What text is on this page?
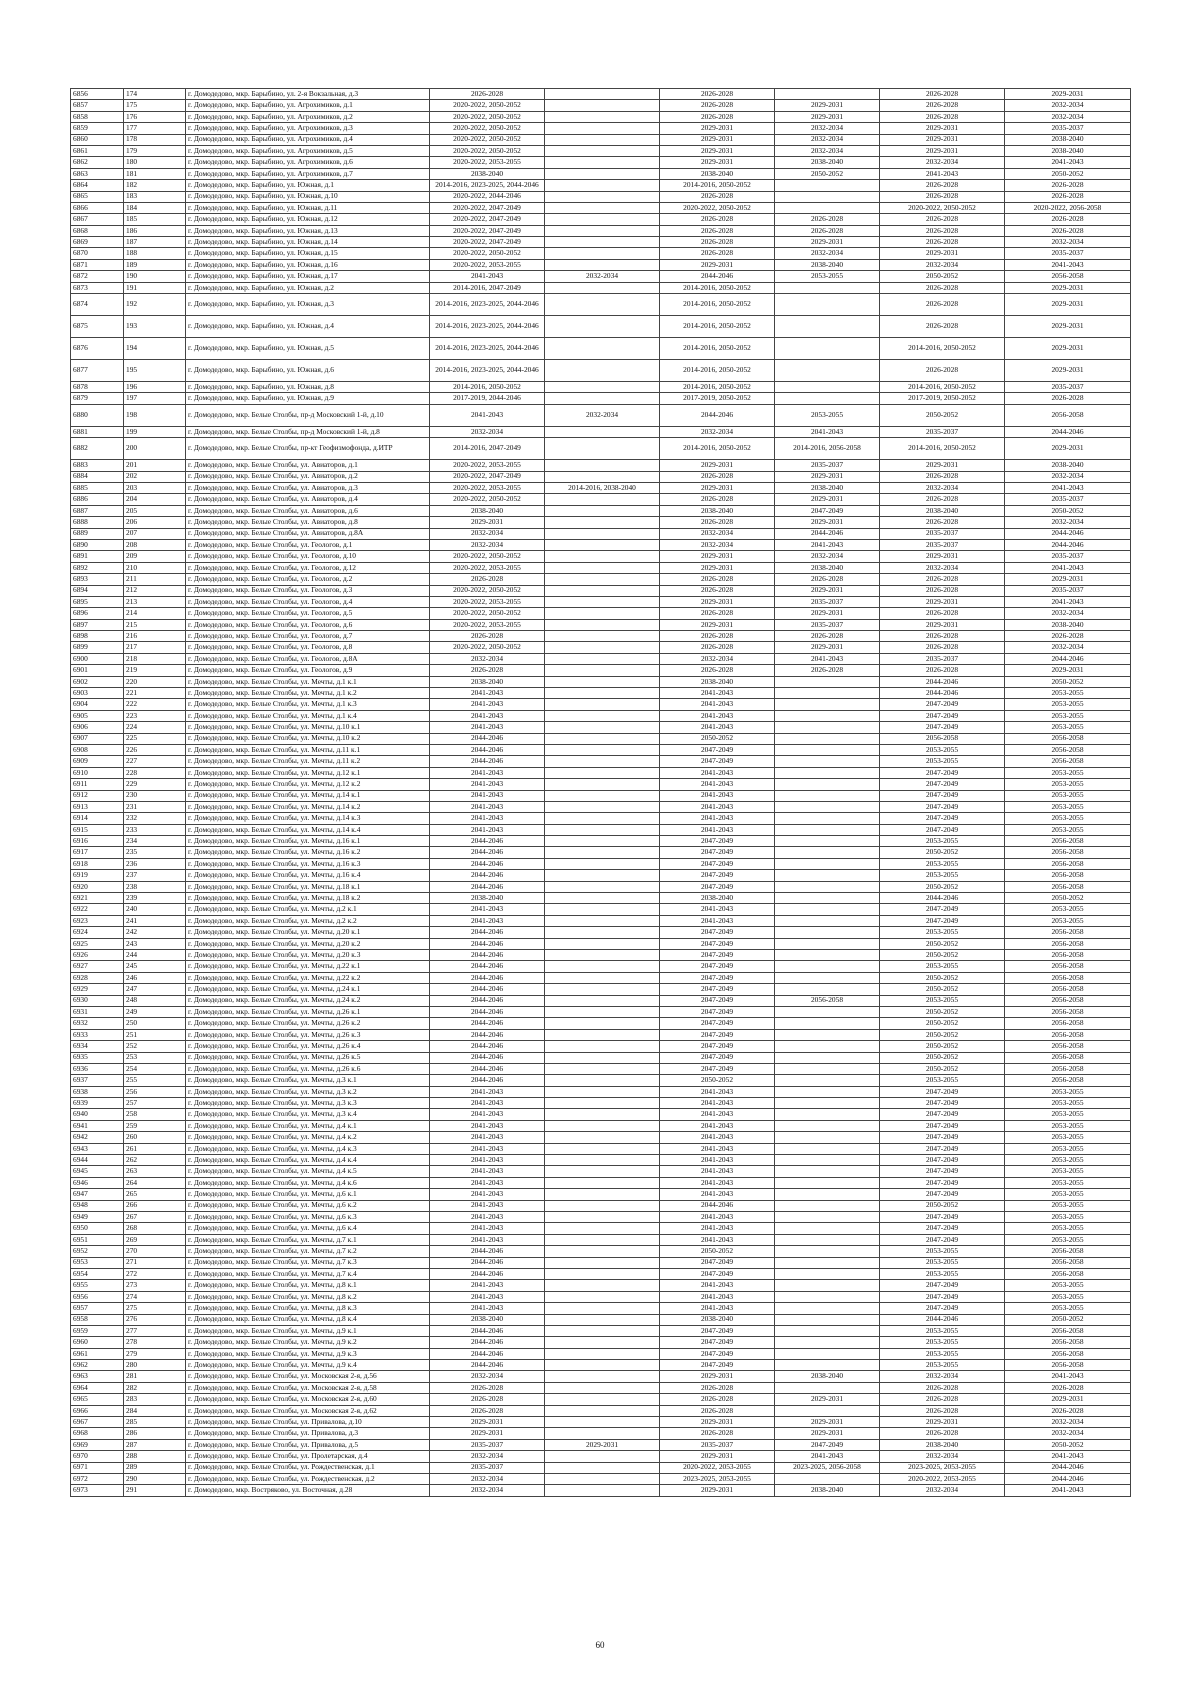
6856	174	г. Домодедово, мкр. Барыбино, ул. 2-я Вокзальная, д.3	2026-2028		2026-2028		2026-2028	2029-2031
6857	175	г. Домодедово, мкр. Барыбино, ул. Агрохимиков, д.1	2020-2022, 2050-2052		2026-2028	2029-2031	2026-2028	2032-2034
6858	176	г. Домодедово, мкр. Барыбино, ул. Агрохимиков, д.2	2020-2022, 2050-2052		2026-2028	2029-2031	2026-2028	2032-2034
6859	177	г. Домодедово, мкр. Барыбино, ул. Агрохимиков, д.3	2020-2022, 2050-2052		2029-2031	2032-2034	2029-2031	2035-2037
6860	178	г. Домодедово, мкр. Барыбино, ул. Агрохимиков, д.4	2020-2022, 2050-2052		2029-2031	2032-2034	2029-2031	2038-2040
6861	179	г. Домодедово, мкр. Барыбино, ул. Агрохимиков, д.5	2020-2022, 2050-2052		2029-2031	2032-2034	2029-2031	2038-2040
6862	180	г. Домодедово, мкр. Барыбино, ул. Агрохимиков, д.6	2020-2022, 2053-2055		2029-2031	2038-2040	2032-2034	2041-2043
6863	181	г. Домодедово, мкр. Барыбино, ул. Агрохимиков, д.7	2038-2040		2038-2040	2050-2052	2041-2043	2050-2052
6864	182	г. Домодедово, мкр. Барыбино, ул. Южная, д.1	2014-2016, 2023-2025, 2044-2046		2014-2016, 2050-2052		2026-2028	2026-2028
6865	183	г. Домодедово, мкр. Барыбино, ул. Южная, д.10	2020-2022, 2044-2046		2026-2028		2026-2028	2026-2028
6866	184	г. Домодедово, мкр. Барыбино, ул. Южная, д.11	2020-2022, 2047-2049		2020-2022, 2050-2052		2020-2022, 2050-2052	2020-2022, 2056-2058
6867	185	г. Домодедово, мкр. Барыбино, ул. Южная, д.12	2020-2022, 2047-2049		2026-2028	2026-2028	2026-2028	2026-2028
6868	186	г. Домодедово, мкр. Барыбино, ул. Южная, д.13	2020-2022, 2047-2049		2026-2028	2026-2028	2026-2028	2026-2028
6869	187	г. Домодедово, мкр. Барыбино, ул. Южная, д.14	2020-2022, 2047-2049		2026-2028	2029-2031	2026-2028	2032-2034
6870	188	г. Домодедово, мкр. Барыбино, ул. Южная, д.15	2020-2022, 2050-2052		2026-2028	2032-2034	2029-2031	2035-2037
6871	189	г. Домодедово, мкр. Барыбино, ул. Южная, д.16	2020-2022, 2053-2055		2029-2031	2038-2040	2032-2034	2041-2043
6872	190	г. Домодедово, мкр. Барыбино, ул. Южная, д.17	2041-2043	2032-2034	2044-2046	2053-2055	2050-2052	2056-2058
6873	191	г. Домодедово, мкр. Барыбино, ул. Южная, д.2	2014-2016, 2047-2049		2014-2016, 2050-2052		2026-2028	2029-2031
6874	192	г. Домодедово, мкр. Барыбино, ул. Южная, д.3	2014-2016, 2023-2025, 2044-2046		2014-2016, 2050-2052		2026-2028	2029-2031
6875	193	г. Домодедово, мкр. Барыбино, ул. Южная, д.4	2014-2016, 2023-2025, 2044-2046		2014-2016, 2050-2052		2026-2028	2029-2031
6876	194	г. Домодедово, мкр. Барыбино, ул. Южная, д.5	2014-2016, 2023-2025, 2044-2046		2014-2016, 2050-2052		2014-2016, 2050-2052	2029-2031
6877	195	г. Домодедово, мкр. Барыбино, ул. Южная, д.6	2014-2016, 2023-2025, 2044-2046		2014-2016, 2050-2052		2026-2028	2029-2031
6878	196	г. Домодедово, мкр. Барыбино, ул. Южная, д.8	2014-2016, 2050-2052		2014-2016, 2050-2052		2014-2016, 2050-2052	2035-2037
6879	197	г. Домодедово, мкр. Барыбино, ул. Южная, д.9	2017-2019, 2044-2046		2017-2019, 2050-2052		2017-2019, 2050-2052	2026-2028
6880	198	г. Домодедово, мкр. Белые Столбы, пр-д Московский 1-й, д.10	2041-2043	2032-2034	2044-2046	2053-2055	2050-2052	2056-2058
6881	199	г. Домодедово, мкр. Белые Столбы, пр-д Московский 1-й, д.8	2032-2034		2032-2034	2041-2043	2035-2037	2044-2046
6882	200	г. Домодедово, мкр. Белые Столбы, пр-кт Геофизмофонда, д.ИТР	2014-2016, 2047-2049		2014-2016, 2050-2052	2014-2016, 2056-2058	2014-2016, 2050-2052	2029-2031
6883	201	г. Домодедово, мкр. Белые Столбы, ул. Авиаторов, д.1	2020-2022, 2053-2055		2029-2031	2035-2037	2029-2031	2038-2040
6884	202	г. Домодедово, мкр. Белые Столбы, ул. Авиаторов, д.2	2020-2022, 2047-2049		2026-2028	2029-2031	2026-2028	2032-2034
6885	203	г. Домодедово, мкр. Белые Столбы, ул. Авиаторов, д.3	2020-2022, 2053-2055	2014-2016, 2038-2040	2029-2031	2038-2040	2032-2034	2041-2043
6886	204	г. Домодедово, мкр. Белые Столбы, ул. Авиаторов, д.4	2020-2022, 2050-2052		2026-2028	2029-2031	2026-2028	2035-2037
6887	205	г. Домодедово, мкр. Белые Столбы, ул. Авиаторов, д.6	2038-2040		2038-2040	2047-2049	2038-2040	2050-2052
6888	206	г. Домодедово, мкр. Белые Столбы, ул. Авиаторов, д.8	2029-2031		2026-2028	2029-2031	2026-2028	2032-2034
6889	207	г. Домодедово, мкр. Белые Столбы, ул. Авиаторов, д.8А	2032-2034		2032-2034	2044-2046	2035-2037	2044-2046
6890	208	г. Домодедово, мкр. Белые Столбы, ул. Геологов, д.1	2032-2034		2032-2034	2041-2043	2035-2037	2044-2046
6891	209	г. Домодедово, мкр. Белые Столбы, ул. Геологов, д.10	2020-2022, 2050-2052		2029-2031	2032-2034	2029-2031	2035-2037
6892	210	г. Домодедово, мкр. Белые Столбы, ул. Геологов, д.12	2020-2022, 2053-2055		2029-2031	2038-2040	2032-2034	2041-2043
6893	211	г. Домодедово, мкр. Белые Столбы, ул. Геологов, д.2	2026-2028		2026-2028	2026-2028	2026-2028	2029-2031
6894	212	г. Домодедово, мкр. Белые Столбы, ул. Геологов, д.3	2020-2022, 2050-2052		2026-2028	2029-2031	2026-2028	2035-2037
6895	213	г. Домодедово, мкр. Белые Столбы, ул. Геологов, д.4	2020-2022, 2053-2055		2029-2031	2035-2037	2029-2031	2041-2043
6896	214	г. Домодедово, мкр. Белые Столбы, ул. Геологов, д.5	2020-2022, 2050-2052		2026-2028	2029-2031	2026-2028	2032-2034
6897	215	г. Домодедово, мкр. Белые Столбы, ул. Геологов, д.6	2020-2022, 2053-2055		2029-2031	2035-2037	2029-2031	2038-2040
6898	216	г. Домодедово, мкр. Белые Столбы, ул. Геологов, д.7	2026-2028		2026-2028	2026-2028	2026-2028	2026-2028
6899	217	г. Домодедово, мкр. Белые Столбы, ул. Геологов, д.8	2020-2022, 2050-2052		2026-2028	2029-2031	2026-2028	2032-2034
6900	218	г. Домодедово, мкр. Белые Столбы, ул. Геологов, д.8А	2032-2034		2032-2034	2041-2043	2035-2037	2044-2046
6901	219	г. Домодедово, мкр. Белые Столбы, ул. Геологов, д.9	2026-2028		2026-2028	2026-2028	2026-2028	2029-2031
6902	220	г. Домодедово, мкр. Белые Столбы, ул. Мечты, д.1 к.1	2038-2040		2038-2040		2044-2046	2050-2052
6903	221	г. Домодедово, мкр. Белые Столбы, ул. Мечты, д.1 к.2	2041-2043		2041-2043		2044-2046	2053-2055
6904	222	г. Домодедово, мкр. Белые Столбы, ул. Мечты, д.1 к.3	2041-2043		2041-2043		2047-2049	2053-2055
6905	223	г. Домодедово, мкр. Белые Столбы, ул. Мечты, д.1 к.4	2041-2043		2041-2043		2047-2049	2053-2055
6906	224	г. Домодедово, мкр. Белые Столбы, ул. Мечты, д.10 к.1	2041-2043		2041-2043		2047-2049	2053-2055
6907	225	г. Домодедово, мкр. Белые Столбы, ул. Мечты, д.10 к.2	2044-2046		2050-2052		2056-2058	2056-2058
6908	226	г. Домодедово, мкр. Белые Столбы, ул. Мечты, д.11 к.1	2044-2046		2047-2049		2053-2055	2056-2058
6909	227	г. Домодедово, мкр. Белые Столбы, ул. Мечты, д.11 к.2	2044-2046		2047-2049		2053-2055	2056-2058
6910	228	г. Домодедово, мкр. Белые Столбы, ул. Мечты, д.12 к.1	2041-2043		2041-2043		2047-2049	2053-2055
6911	229	г. Домодедово, мкр. Белые Столбы, ул. Мечты, д.12 к.2	2041-2043		2041-2043		2047-2049	2053-2055
6912	230	г. Домодедово, мкр. Белые Столбы, ул. Мечты, д.14 к.1	2041-2043		2041-2043		2047-2049	2053-2055
6913	231	г. Домодедово, мкр. Белые Столбы, ул. Мечты, д.14 к.2	2041-2043		2041-2043		2047-2049	2053-2055
6914	232	г. Домодедово, мкр. Белые Столбы, ул. Мечты, д.14 к.3	2041-2043		2041-2043		2047-2049	2053-2055
6915	233	г. Домодедово, мкр. Белые Столбы, ул. Мечты, д.14 к.4	2041-2043		2041-2043		2047-2049	2053-2055
6916	234	г. Домодедово, мкр. Белые Столбы, ул. Мечты, д.16 к.1	2044-2046		2047-2049		2053-2055	2056-2058
6917	235	г. Домодедово, мкр. Белые Столбы, ул. Мечты, д.16 к.2	2044-2046		2047-2049		2050-2052	2056-2058
6918	236	г. Домодедово, мкр. Белые Столбы, ул. Мечты, д.16 к.3	2044-2046		2047-2049		2053-2055	2056-2058
6919	237	г. Домодедово, мкр. Белые Столбы, ул. Мечты, д.16 к.4	2044-2046		2047-2049		2053-2055	2056-2058
6920	238	г. Домодедово, мкр. Белые Столбы, ул. Мечты, д.18 к.1	2044-2046		2047-2049		2050-2052	2056-2058
6921	239	г. Домодедово, мкр. Белые Столбы, ул. Мечты, д.18 к.2	2038-2040		2038-2040		2044-2046	2050-2052
6922	240	г. Домодедово, мкр. Белые Столбы, ул. Мечты, д.2 к.1	2041-2043		2041-2043		2047-2049	2053-2055
6923	241	г. Домодедово, мкр. Белые Столбы, ул. Мечты, д.2 к.2	2041-2043		2041-2043		2047-2049	2053-2055
6924	242	г. Домодедово, мкр. Белые Столбы, ул. Мечты, д.20 к.1	2044-2046		2047-2049		2053-2055	2056-2058
6925	243	г. Домодедово, мкр. Белые Столбы, ул. Мечты, д.20 к.2	2044-2046		2047-2049		2050-2052	2056-2058
6926	244	г. Домодедово, мкр. Белые Столбы, ул. Мечты, д.20 к.3	2044-2046		2047-2049		2050-2052	2056-2058
6927	245	г. Домодедово, мкр. Белые Столбы, ул. Мечты, д.22 к.1	2044-2046		2047-2049		2053-2055	2056-2058
6928	246	г. Домодедово, мкр. Белые Столбы, ул. Мечты, д.22 к.2	2044-2046		2047-2049		2050-2052	2056-2058
6929	247	г. Домодедово, мкр. Белые Столбы, ул. Мечты, д.24 к.1	2044-2046		2047-2049		2050-2052	2056-2058
6930	248	г. Домодедово, мкр. Белые Столбы, ул. Мечты, д.24 к.2	2044-2046		2047-2049	2056-2058	2053-2055	2056-2058
6931	249	г. Домодедово, мкр. Белые Столбы, ул. Мечты, д.26 к.1	2044-2046		2047-2049		2050-2052	2056-2058
6932	250	г. Домодедово, мкр. Белые Столбы, ул. Мечты, д.26 к.2	2044-2046		2047-2049		2050-2052	2056-2058
6933	251	г. Домодедово, мкр. Белые Столбы, ул. Мечты, д.26 к.3	2044-2046		2047-2049		2050-2052	2056-2058
6934	252	г. Домодедово, мкр. Белые Столбы, ул. Мечты, д.26 к.4	2044-2046		2047-2049		2050-2052	2056-2058
6935	253	г. Домодедово, мкр. Белые Столбы, ул. Мечты, д.26 к.5	2044-2046		2047-2049		2050-2052	2056-2058
6936	254	г. Домодедово, мкр. Белые Столбы, ул. Мечты, д.26 к.6	2044-2046		2047-2049		2050-2052	2056-2058
6937	255	г. Домодедово, мкр. Белые Столбы, ул. Мечты, д.3 к.1	2044-2046		2050-2052		2053-2055	2056-2058
6938	256	г. Домодедово, мкр. Белые Столбы, ул. Мечты, д.3 к.2	2041-2043		2041-2043		2047-2049	2053-2055
6939	257	г. Домодедово, мкр. Белые Столбы, ул. Мечты, д.3 к.3	2041-2043		2041-2043		2047-2049	2053-2055
6940	258	г. Домодедово, мкр. Белые Столбы, ул. Мечты, д.3 к.4	2041-2043		2041-2043		2047-2049	2053-2055
6941	259	г. Домодедово, мкр. Белые Столбы, ул. Мечты, д.4 к.1	2041-2043		2041-2043		2047-2049	2053-2055
6942	260	г. Домодедово, мкр. Белые Столбы, ул. Мечты, д.4 к.2	2041-2043		2041-2043		2047-2049	2053-2055
6943	261	г. Домодедово, мкр. Белые Столбы, ул. Мечты, д.4 к.3	2041-2043		2041-2043		2047-2049	2053-2055
6944	262	г. Домодедово, мкр. Белые Столбы, ул. Мечты, д.4 к.4	2041-2043		2041-2043		2047-2049	2053-2055
6945	263	г. Домодедово, мкр. Белые Столбы, ул. Мечты, д.4 к.5	2041-2043		2041-2043		2047-2049	2053-2055
6946	264	г. Домодедово, мкр. Белые Столбы, ул. Мечты, д.4 к.6	2041-2043		2041-2043		2047-2049	2053-2055
6947	265	г. Домодедово, мкр. Белые Столбы, ул. Мечты, д.6 к.1	2041-2043		2041-2043		2047-2049	2053-2055
6948	266	г. Домодедово, мкр. Белые Столбы, ул. Мечты, д.6 к.2	2041-2043		2044-2046		2050-2052	2053-2055
6949	267	г. Домодедово, мкр. Белые Столбы, ул. Мечты, д.6 к.3	2041-2043		2041-2043		2047-2049	2053-2055
6950	268	г. Домодедово, мкр. Белые Столбы, ул. Мечты, д.6 к.4	2041-2043		2041-2043		2047-2049	2053-2055
6951	269	г. Домодедово, мкр. Белые Столбы, ул. Мечты, д.7 к.1	2041-2043		2041-2043		2047-2049	2053-2055
6952	270	г. Домодедово, мкр. Белые Столбы, ул. Мечты, д.7 к.2	2044-2046		2050-2052		2053-2055	2056-2058
6953	271	г. Домодедово, мкр. Белые Столбы, ул. Мечты, д.7 к.3	2044-2046		2047-2049		2053-2055	2056-2058
6954	272	г. Домодедово, мкр. Белые Столбы, ул. Мечты, д.7 к.4	2044-2046		2047-2049		2053-2055	2056-2058
6955	273	г. Домодедово, мкр. Белые Столбы, ул. Мечты, д.8 к.1	2041-2043		2041-2043		2047-2049	2053-2055
6956	274	г. Домодедово, мкр. Белые Столбы, ул. Мечты, д.8 к.2	2041-2043		2041-2043		2047-2049	2053-2055
6957	275	г. Домодедово, мкр. Белые Столбы, ул. Мечты, д.8 к.3	2041-2043		2041-2043		2047-2049	2053-2055
6958	276	г. Домодедово, мкр. Белые Столбы, ул. Мечты, д.8 к.4	2038-2040		2038-2040		2044-2046	2050-2052
6959	277	г. Домодедово, мкр. Белые Столбы, ул. Мечты, д.9 к.1	2044-2046		2047-2049		2053-2055	2056-2058
6960	278	г. Домодедово, мкр. Белые Столбы, ул. Мечты, д.9 к.2	2044-2046		2047-2049		2053-2055	2056-2058
6961	279	г. Домодедово, мкр. Белые Столбы, ул. Мечты, д.9 к.3	2044-2046		2047-2049		2053-2055	2056-2058
6962	280	г. Домодедово, мкр. Белые Столбы, ул. Мечты, д.9 к.4	2044-2046		2047-2049		2053-2055	2056-2058
6963	281	г. Домодедово, мкр. Белые Столбы, ул. Московская 2-я, д.56	2032-2034		2029-2031	2038-2040	2032-2034	2041-2043
6964	282	г. Домодедово, мкр. Белые Столбы, ул. Московская 2-я, д.58	2026-2028		2026-2028		2026-2028	2026-2028
6965	283	г. Домодедово, мкр. Белые Столбы, ул. Московская 2-я, д.60	2026-2028		2026-2028	2029-2031	2026-2028	2029-2031
6966	284	г. Домодедово, мкр. Белые Столбы, ул. Московская 2-я, д.62	2026-2028		2026-2028		2026-2028	2026-2028
6967	285	г. Домодедово, мкр. Белые Столбы, ул. Привалова, д.10	2029-2031		2029-2031	2029-2031	2029-2031	2032-2034
6968	286	г. Домодедово, мкр. Белые Столбы, ул. Привалова, д.3	2029-2031		2026-2028	2029-2031	2026-2028	2032-2034
6969	287	г. Домодедово, мкр. Белые Столбы, ул. Привалова, д.5	2035-2037	2029-2031	2035-2037	2047-2049	2038-2040	2050-2052
6970	288	г. Домодедово, мкр. Белые Столбы, ул. Пролетарская, д.4	2032-2034		2029-2031	2041-2043	2032-2034	2041-2043
6971	289	г. Домодедово, мкр. Белые Столбы, ул. Рождественская, д.1	2035-2037		2020-2022, 2053-2055	2023-2025, 2056-2058	2023-2025, 2053-2055	2044-2046
6972	290	г. Домодедово, мкр. Белые Столбы, ул. Рождественская, д.2	2032-2034		2023-2025, 2053-2055		2020-2022, 2053-2055	2044-2046
6973	291	г. Домодедово, мкр. Востряково, ул. Восточная, д.28	2032-2034		2029-2031	2038-2040	2032-2034	2041-2043
60
